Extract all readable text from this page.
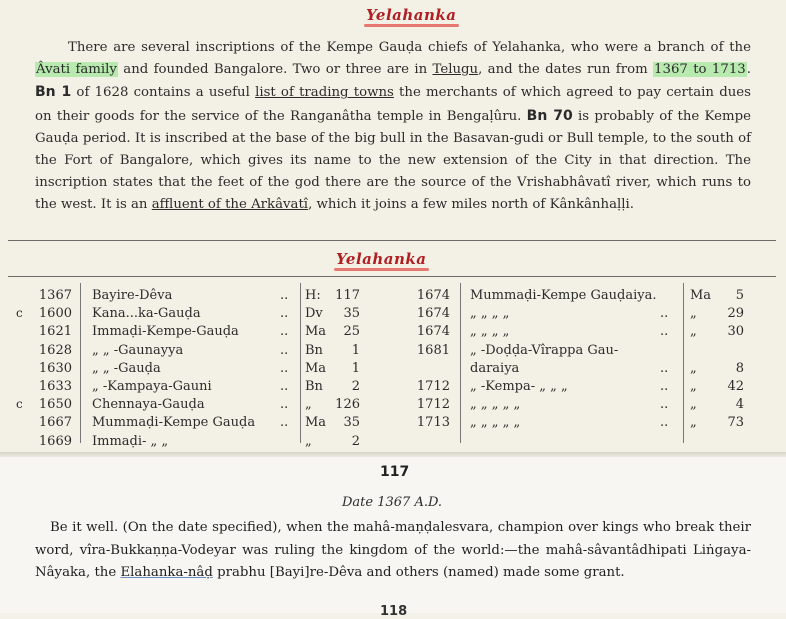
Yelahanka

There are several inscriptions of the Kempe Gauḍa chiefs of Yelahanka, who were a branch of the Âvati family and founded Bangalore. Two or three are in Telugu, and the dates run from 1367 to 1713. Bn 1 of 1628 contains a useful list of trading towns the merchants of which agreed to pay certain dues on their goods for the service of the Ranganâtha temple in Bengaḷûru. Bn 70 is probably of the Kempe Gauḍa period. It is inscribed at the base of the big bull in the Basavan-gudi or Bull temple, to the south of the Fort of Bangalore, which gives its name to the new extension of the City in that direction. The inscription states that the feet of the god there are the source of the Vrishabhâvatî river, which runs to the west. It is an affluent of the Arkâvatî, which it joins a few miles north of Kânkânhaḷḷi.

Yelahanka
1367 Bayire-Dêva	.. H:	117
c	1600 Kana...ka-Gauḍa	.. Dv	35
1621 Immaḍi-Kempe-Gauḍa	.. Ma	25
1628 „ „ -Gaunayya	.. Bn	1
1630 „ „ -Gauḍa	.. Ma	1
1633 „ -Kampaya-Gauni	.. Bn	2
c	1650 Chennaya-Gauḍa	.. „	126
1667 Mummaḍi-Kempe Gauḍa .. Ma	35
1669 Immaḍi- „ „	„	2
1674 Mummaḍi-Kempe Gauḍaiya.	Ma	5
1674 „ „ „ „	.. „	29
1674 „ „ „ „	.. „	30
1681 „ -Doḍḍa-Vîrappa Gau-
daraiya	.. „	8
1712 „ -Kempa- „ „ „	.. „	42
1712 „ „ „ „ „	.. „	4
1713 „ „ „ „ „	.. „	73
117
Date 1367 A.D.

Be it well. (On the date specified), when the mahâ-maṇḍalesvara, champion over kings who break their word, vîra-Bukkaṇṇa-Vodeyar was ruling the kingdom of the world:—the mahâ-sâvantâdhipati Liṅgaya-Nâyaka, the Elahanka-nâḍ prabhu [Bayi]re-Dêva and others (named) made some grant.

118
